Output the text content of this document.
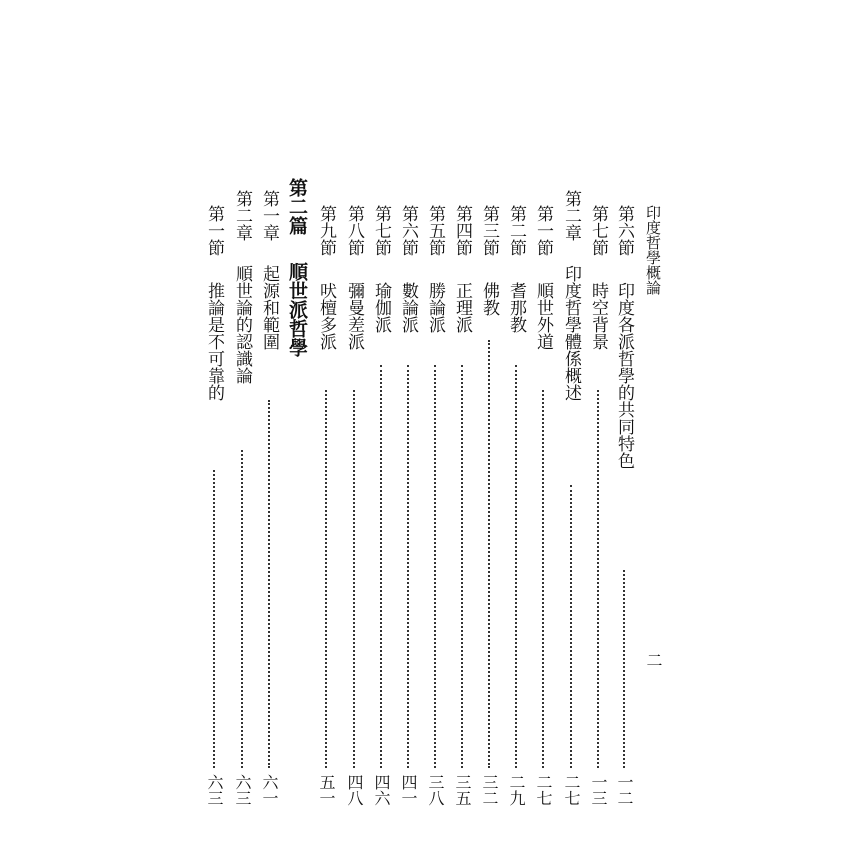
印度哲學概論
二
第六節
印度各派哲學的共同特色
一二
第七節
時空背景
一三
第二章
印度哲學體係概述
二七
第一節
順世外道
二七
第二節
耆那教
二九
第三節
佛教
三二
第四節
正理派
三五
第五節
勝論派
三八
第六節
數論派
四一
第七節
瑜伽派
四六
第八節
彌曼差派
四八
第九節
吠檀多派
五一
第二篇
順世派哲學
第一章
起源和範圍
六一
第二章
順世論的認識論
六三
第一節
推論是不可靠的
六三
